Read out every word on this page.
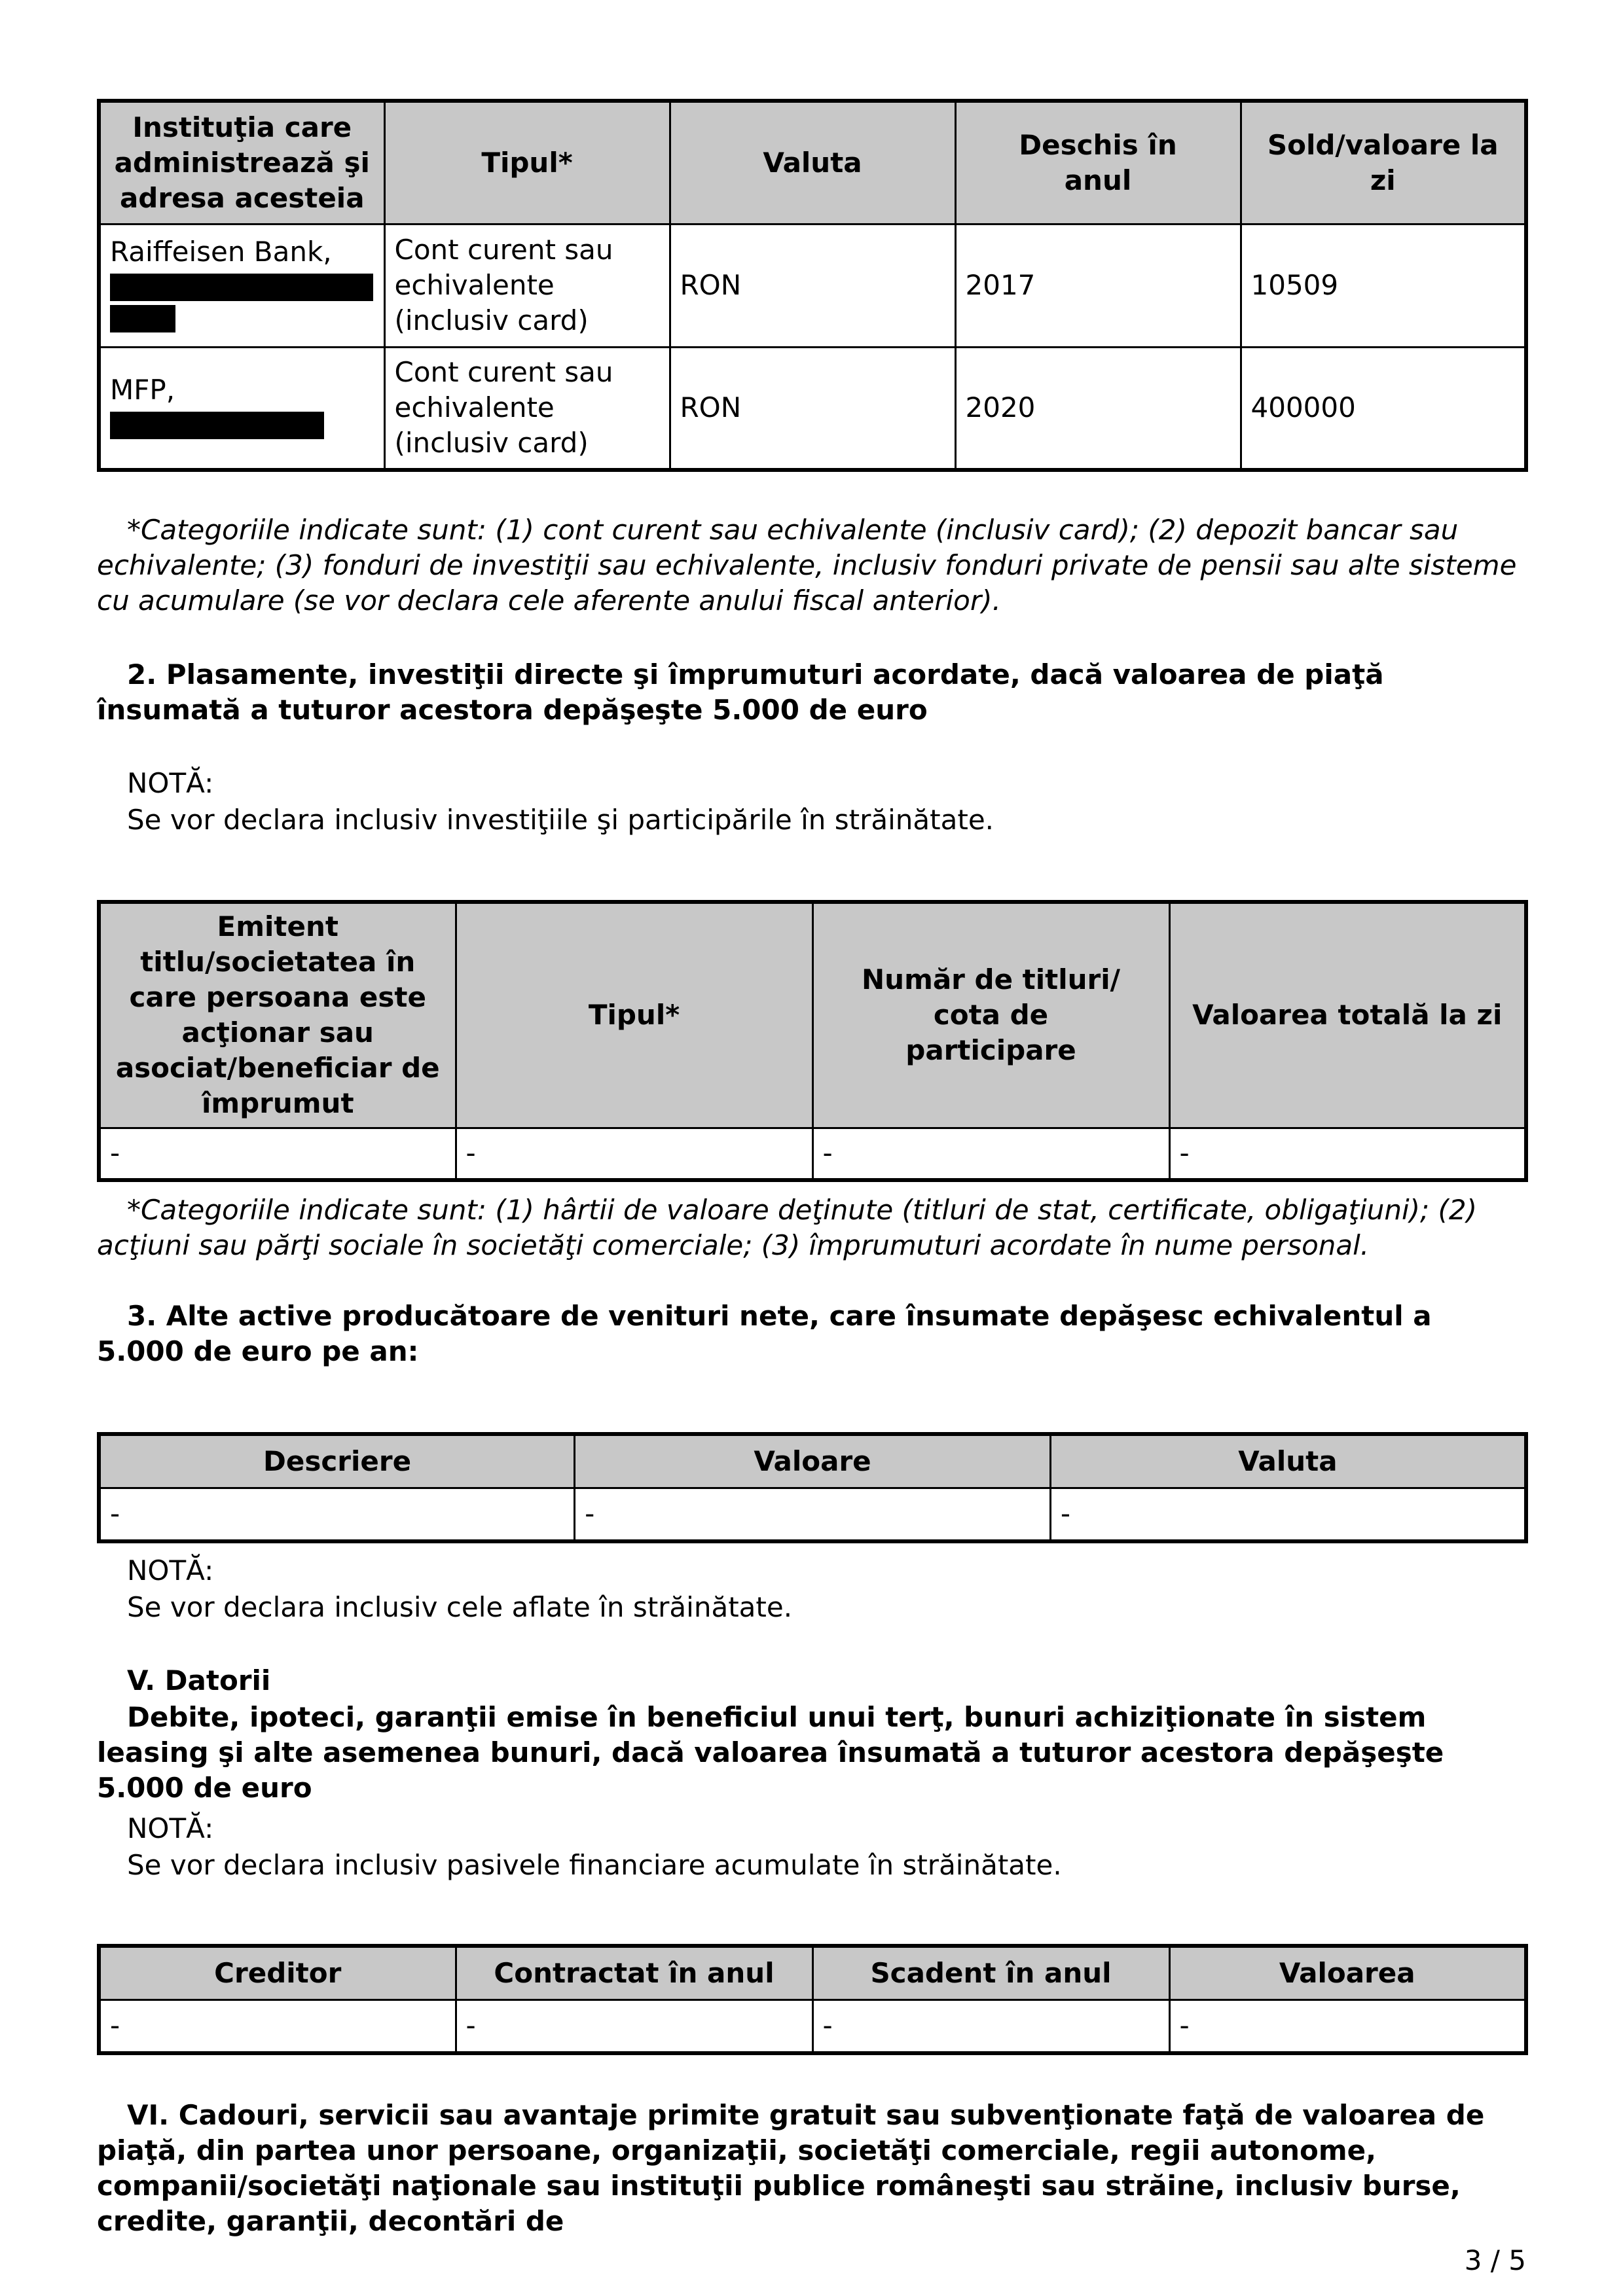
Instituţia care administrează şi adresa acesteia	Tipul*	Valuta	Deschis în anul	Sold/valoare la zi
Raiffeisen Bank,	Cont curent sau echivalente (inclusiv card)	RON	2017	10509
MFP,	Cont curent sau echivalente (inclusiv card)	RON	2020	400000

*Categoriile indicate sunt: (1) cont curent sau echivalente (inclusiv card); (2) depozit bancar sau echivalente; (3) fonduri de investiţii sau echivalente, inclusiv fonduri private de pensii sau alte sisteme cu acumulare (se vor declara cele aferente anului fiscal anterior).

2. Plasamente, investiţii directe şi împrumuturi acordate, dacă valoarea de piaţă însumată a tuturor acestora depăşeşte 5.000 de euro

NOTĂ:

Se vor declara inclusiv investiţiile şi participările în străinătate.

Emitent titlu/societatea în care persoana este acţionar sau asociat/beneficiar de împrumut	Tipul*	Număr de titluri/ cota de participare	Valoarea totală la zi
-	-	-	-

*Categoriile indicate sunt: (1) hârtii de valoare deţinute (titluri de stat, certificate, obligaţiuni); (2) acţiuni sau părţi sociale în societăţi comerciale; (3) împrumuturi acordate în nume personal.

3. Alte active producătoare de venituri nete, care însumate depăşesc echivalentul a 5.000 de euro pe an:

Descriere	Valoare	Valuta
-	-	-

NOTĂ:

Se vor declara inclusiv cele aflate în străinătate.

V. Datorii

Debite, ipoteci, garanţii emise în beneficiul unui terţ, bunuri achiziţionate în sistem leasing şi alte asemenea bunuri, dacă valoarea însumată a tuturor acestora depăşeşte 5.000 de euro

NOTĂ:

Se vor declara inclusiv pasivele financiare acumulate în străinătate.

Creditor	Contractat în anul	Scadent în anul	Valoarea
-	-	-	-

VI. Cadouri, servicii sau avantaje primite gratuit sau subvenţionate faţă de valoarea de piaţă, din partea unor persoane, organizaţii, societăţi comerciale, regii autonome, companii/societăţi naţionale sau instituţii publice româneşti sau străine, inclusiv burse, credite, garanţii, decontări de

3 / 5
